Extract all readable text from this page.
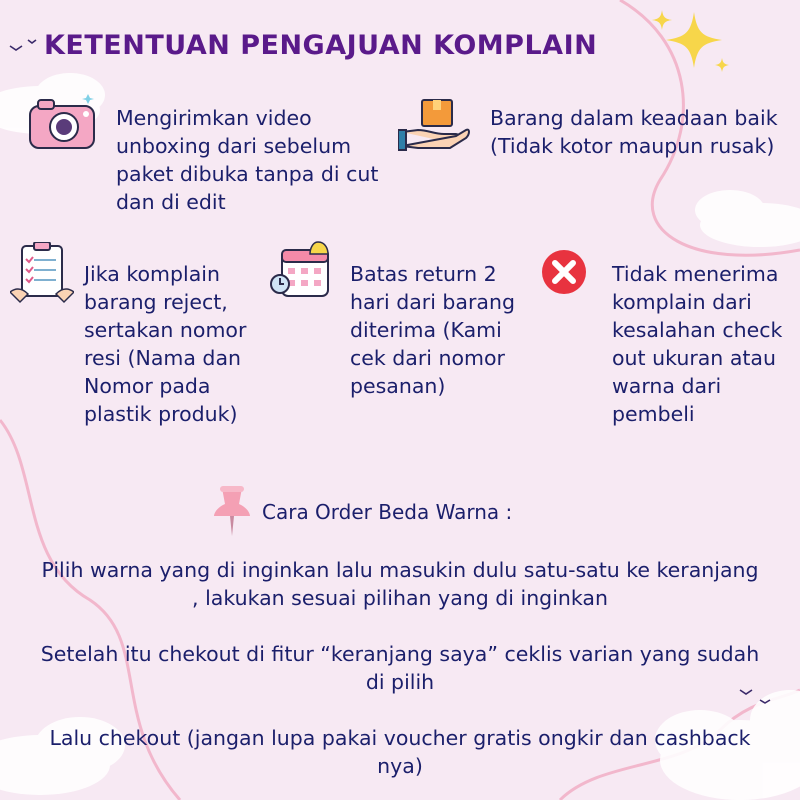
KETENTUAN PENGAJUAN KOMPLAIN
Mengirimkan video unboxing dari sebelum paket dibuka tanpa di cut dan di edit
Barang dalam keadaan baik (Tidak kotor maupun rusak)
Jika komplain barang reject, sertakan nomor resi (Nama dan Nomor pada plastik produk)
Batas return 2 hari dari barang diterima (Kami cek dari nomor pesanan)
Tidak menerima komplain dari kesalahan check out ukuran atau warna dari pembeli
Cara Order Beda Warna :
Pilih warna yang di inginkan lalu masukin dulu satu-satu ke keranjang , lakukan sesuai pilihan yang di inginkan
Setelah itu chekout di fitur “keranjang saya” ceklis varian yang sudah di pilih
Lalu chekout (jangan lupa pakai voucher gratis ongkir dan cashback nya)
